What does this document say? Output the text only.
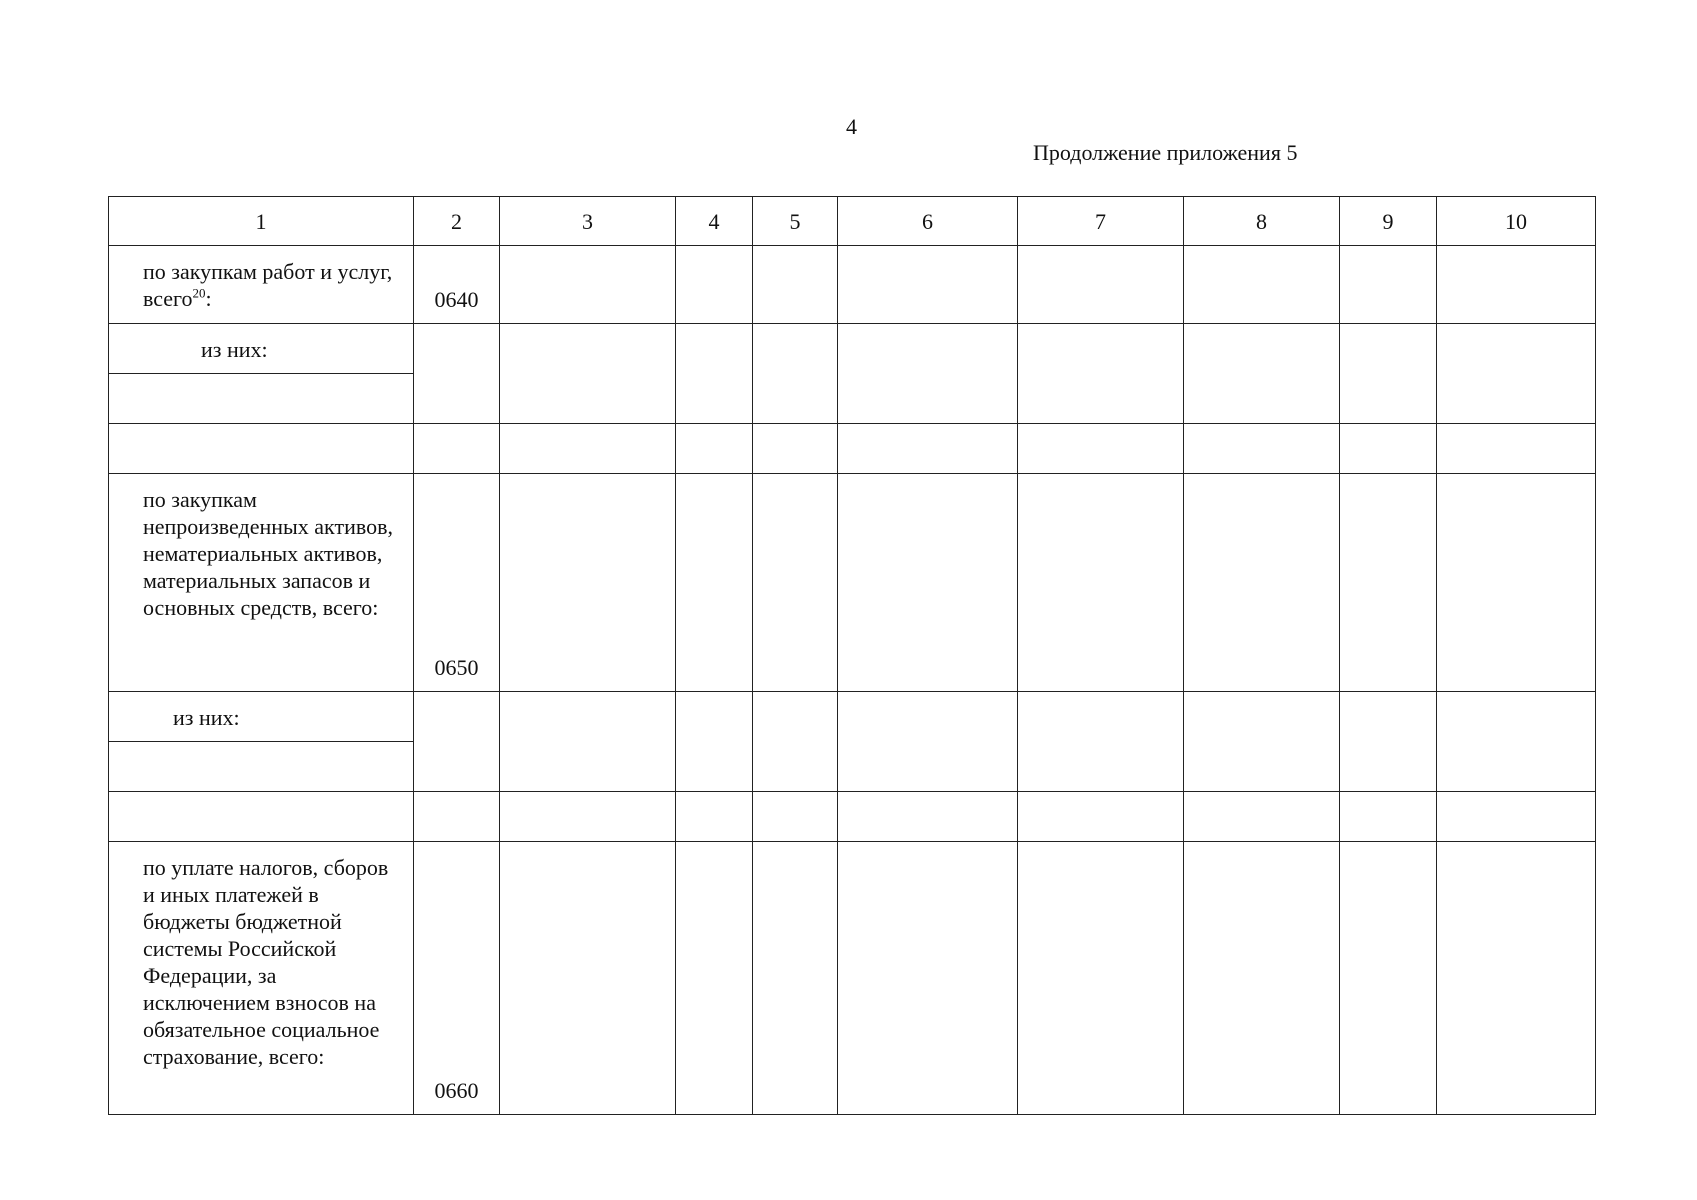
4
Продолжение приложения 5
1	2	3	4	5	6	7	8	9	10
по закупкам работ и услуг, всего$^{20}$:	0640								
из них:									

по закупкам непроизведенных активов, нематериальных активов, материальных запасов и основных средств, всего:	0650								
из них:									

по уплате налогов, сборов и иных платежей в бюджеты бюджетной системы Российской Федерации, за исключением взносов на обязательное социальное страхование, всего:	0660								
